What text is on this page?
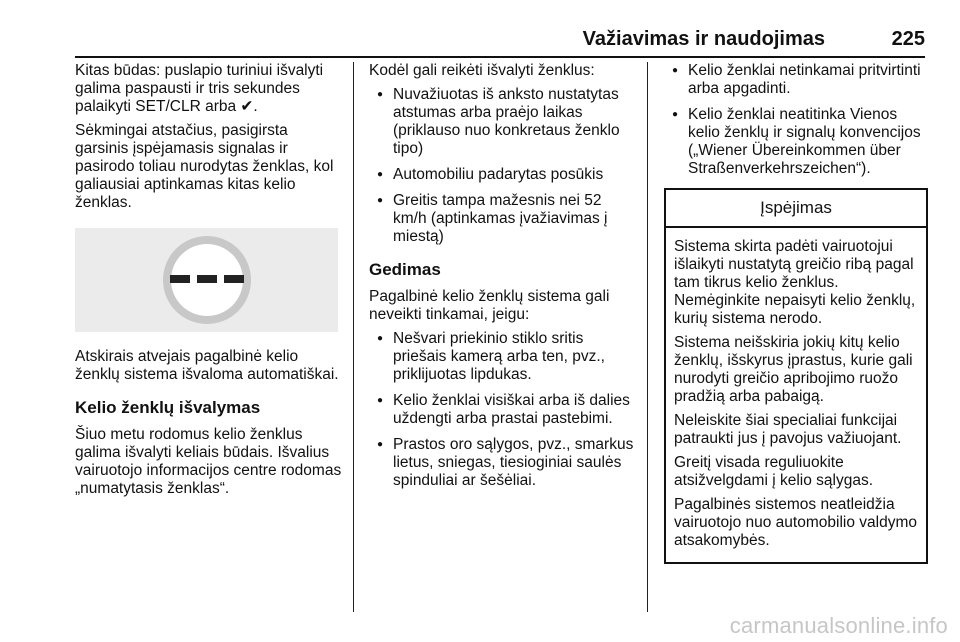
Važiavimas ir naudojimas	225

Kitas būdas: puslapio turiniui išvalyti galima paspausti ir tris sekundes palaikyti SET/CLR arba ✔.

Sėkmingai atstačius, pasigirsta garsinis įspėjamasis signalas ir pasirodo toliau nurodytas ženklas, kol galiausiai aptinkamas kitas kelio ženklas.

Atskirais atvejais pagalbinė kelio ženklų sistema išvaloma automatiškai.

Kelio ženklų išvalymas

Šiuo metu rodomus kelio ženklus galima išvalyti keliais būdais. Išvalius vairuotojo informacijos centre rodomas „numatytasis ženklas“.

Kodėl gali reikėti išvalyti ženklus:

● Nuvažiuotas iš anksto nustatytas atstumas arba praėjo laikas (priklauso nuo konkretaus ženklo tipo)
● Automobiliu padarytas posūkis
● Greitis tampa mažesnis nei 52 km/h (aptinkamas įvažiavimas į miestą)
Gedimas

Pagalbinė kelio ženklų sistema gali neveikti tinkamai, jeigu:

● Nešvari priekinio stiklo sritis priešais kamerą arba ten, pvz., priklijuotas lipdukas.
● Kelio ženklai visiškai arba iš dalies uždengti arba prastai pastebimi.
● Prastos oro sąlygos, pvz., smarkus lietus, sniegas, tiesioginiai saulės spinduliai ar šešėliai.
● Kelio ženklai netinkamai pritvirtinti arba apgadinti.
● Kelio ženklai neatitinka Vienos kelio ženklų ir signalų konvencijos („Wiener Übereinkommen über Straßenverkehrszeichen“).
Įspėjimas

Sistema skirta padėti vairuotojui išlaikyti nustatytą greičio ribą pagal tam tikrus kelio ženklus. Nemėginkite nepaisyti kelio ženklų, kurių sistema nerodo.

Sistema neišskiria jokių kitų kelio ženklų, išskyrus įprastus, kurie gali nurodyti greičio apribojimo ruožo pradžią arba pabaigą.

Neleiskite šiai specialiai funkcijai patraukti jus į pavojus važiuojant.

Greitį visada reguliuokite atsižvelgdami į kelio sąlygas.

Pagalbinės sistemos neatleidžia vairuotojo nuo automobilio valdymo atsakomybės.

carmanualsonline.info
